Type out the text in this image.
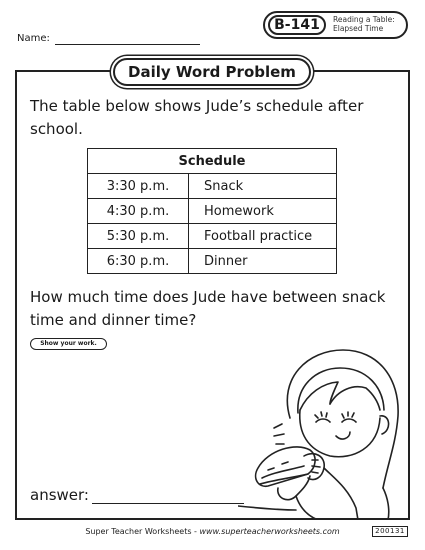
Name:
B-141	Reading a Table:
Elapsed Time
Daily Word Problem
The table below shows Jude’s schedule after school.
Schedule	
3:30 p.m.	Snack
4:30 p.m.	Homework
5:30 p.m.	Football practice
6:30 p.m.	Dinner
How much time does Jude have between snack time and dinner time?
Show your work.
answer:
Super Teacher Worksheets - www.superteacherworksheets.com	200131
